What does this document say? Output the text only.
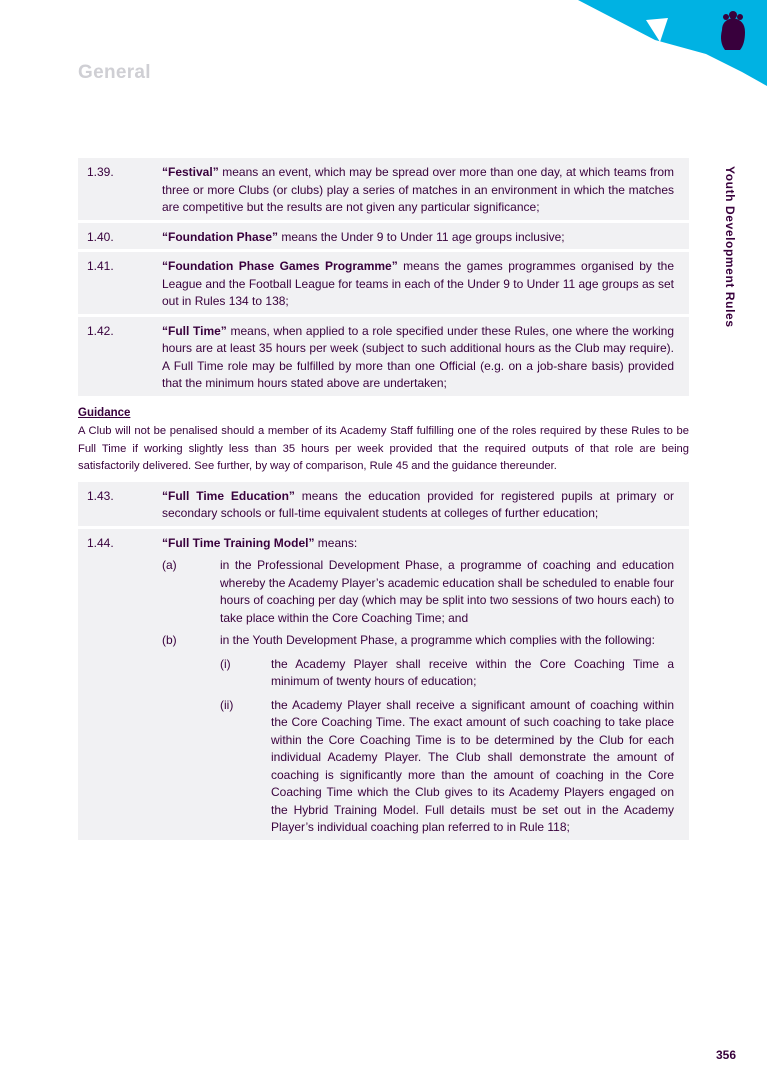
General
Youth Development Rules
1.39.	“Festival” means an event, which may be spread over more than one day, at which teams from three or more Clubs (or clubs) play a series of matches in an environment in which the matches are competitive but the results are not given any particular significance;
1.40.	“Foundation Phase” means the Under 9 to Under 11 age groups inclusive;
1.41.	“Foundation Phase Games Programme” means the games programmes organised by the League and the Football League for teams in each of the Under 9 to Under 11 age groups as set out in Rules 134 to 138;
1.42.	“Full Time” means, when applied to a role specified under these Rules, one where the working hours are at least 35 hours per week (subject to such additional hours as the Club may require). A Full Time role may be fulfilled by more than one Official (e.g. on a job-share basis) provided that the minimum hours stated above are undertaken;
Guidance
A Club will not be penalised should a member of its Academy Staff fulfilling one of the roles required by these Rules to be Full Time if working slightly less than 35 hours per week provided that the required outputs of that role are being satisfactorily delivered. See further, by way of comparison, Rule 45 and the guidance thereunder.
1.43.	“Full Time Education” means the education provided for registered pupils at primary or secondary schools or full-time equivalent students at colleges of further education;
1.44.	“Full Time Training Model” means:
(a)	in the Professional Development Phase, a programme of coaching and education whereby the Academy Player’s academic education shall be scheduled to enable four hours of coaching per day (which may be split into two sessions of two hours each) to take place within the Core Coaching Time; and
(b)	in the Youth Development Phase, a programme which complies with the following:
(i)	the Academy Player shall receive within the Core Coaching Time a minimum of twenty hours of education;
(ii)	the Academy Player shall receive a significant amount of coaching within the Core Coaching Time. The exact amount of such coaching to take place within the Core Coaching Time is to be determined by the Club for each individual Academy Player. The Club shall demonstrate the amount of coaching is significantly more than the amount of coaching in the Core Coaching Time which the Club gives to its Academy Players engaged on the Hybrid Training Model. Full details must be set out in the Academy Player’s individual coaching plan referred to in Rule 118;
356
